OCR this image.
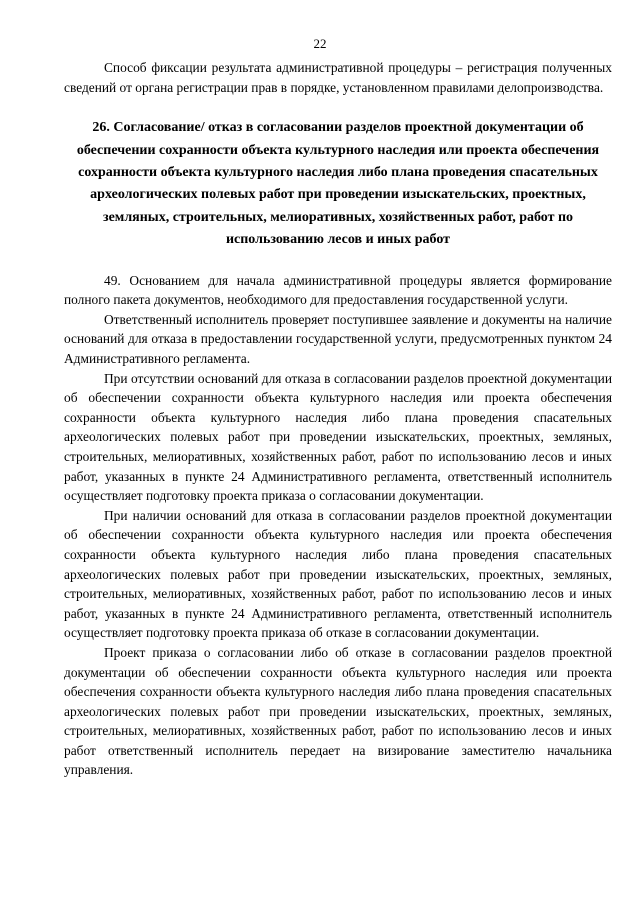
22

Способ фиксации результата административной процедуры – регистрация полученных сведений от органа регистрации прав в порядке, установленном правилами делопроизводства.

26. Согласование/ отказ в согласовании разделов проектной документации об обеспечении сохранности объекта культурного наследия или проекта обеспечения сохранности объекта культурного наследия либо плана проведения спасательных археологических полевых работ при проведении изыскательских, проектных, земляных, строительных, мелиоративных, хозяйственных работ, работ по использованию лесов и иных работ

49. Основанием для начала административной процедуры является формирование полного пакета документов, необходимого для предоставления государственной услуги.

Ответственный исполнитель проверяет поступившее заявление и документы на наличие оснований для отказа в предоставлении государственной услуги, предусмотренных пунктом 24 Административного регламента.

При отсутствии оснований для отказа в согласовании разделов проектной документации об обеспечении сохранности объекта культурного наследия или проекта обеспечения сохранности объекта культурного наследия либо плана проведения спасательных археологических полевых работ при проведении изыскательских, проектных, земляных, строительных, мелиоративных, хозяйственных работ, работ по использованию лесов и иных работ, указанных в пункте 24 Административного регламента, ответственный исполнитель осуществляет подготовку проекта приказа о согласовании документации.

При наличии оснований для отказа в согласовании разделов проектной документации об обеспечении сохранности объекта культурного наследия или проекта обеспечения сохранности объекта культурного наследия либо плана проведения спасательных археологических полевых работ при проведении изыскательских, проектных, земляных, строительных, мелиоративных, хозяйственных работ, работ по использованию лесов и иных работ, указанных в пункте 24 Административного регламента, ответственный исполнитель осуществляет подготовку проекта приказа об отказе в согласовании документации.

Проект приказа о согласовании либо об отказе в согласовании разделов проектной документации об обеспечении сохранности объекта культурного наследия или проекта обеспечения сохранности объекта культурного наследия либо плана проведения спасательных археологических полевых работ при проведении изыскательских, проектных, земляных, строительных, мелиоративных, хозяйственных работ, работ по использованию лесов и иных работ ответственный исполнитель передает на визирование заместителю начальника управления.
